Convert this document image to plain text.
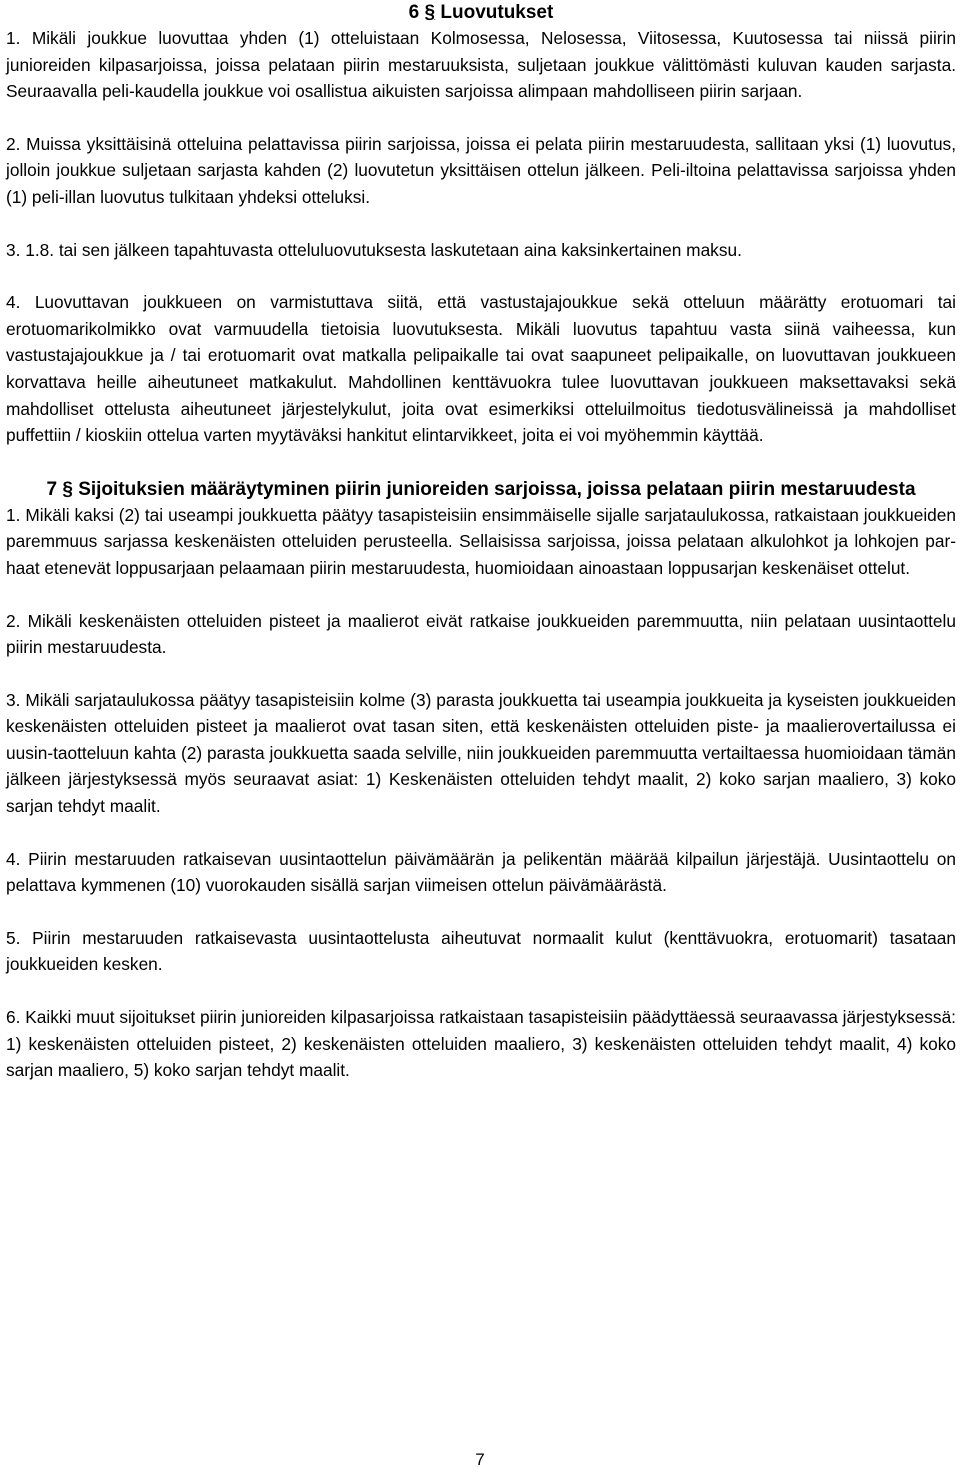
6 § Luovutukset

1. Mikäli joukkue luovuttaa yhden (1) otteluistaan Kolmosessa, Nelosessa, Viitosessa, Kuutosessa tai niissä piirin junioreiden kilpasarjoissa, joissa pelataan piirin mestaruuksista, suljetaan joukkue välittömästi kuluvan kauden sarjasta. Seuraavalla peli-kaudella joukkue voi osallistua aikuisten sarjoissa alimpaan mahdolliseen piirin sarjaan.

2. Muissa yksittäisinä otteluina pelattavissa piirin sarjoissa, joissa ei pelata piirin mestaruudesta, sallitaan yksi (1) luovutus, jolloin joukkue suljetaan sarjasta kahden (2) luovutetun yksittäisen ottelun jälkeen. Peli-iltoina pelattavissa sarjoissa yhden (1) peli-illan luovutus tulkitaan yhdeksi otteluksi.

3. 1.8. tai sen jälkeen tapahtuvasta otteluluovutuksesta laskutetaan aina kaksinkertainen maksu.

4. Luovuttavan joukkueen on varmistuttava siitä, että vastustajajoukkue sekä otteluun määrätty erotuomari tai erotuomarikolmikko ovat varmuudella tietoisia luovutuksesta. Mikäli luovutus tapahtuu vasta siinä vaiheessa, kun vastustajajoukkue ja / tai erotuomarit ovat matkalla pelipaikalle tai ovat saapuneet pelipaikalle, on luovuttavan joukkueen korvattava heille aiheutuneet matkakulut. Mahdollinen kenttävuokra tulee luovuttavan joukkueen maksettavaksi sekä mahdolliset ottelusta aiheutuneet järjestelykulut, joita ovat esimerkiksi otteluilmoitus tiedotusvälineissä ja mahdolliset puffettiin / kioskiin ottelua varten myytäväksi hankitut elintarvikkeet, joita ei voi myöhemmin käyttää.

7 § Sijoituksien määräytyminen piirin junioreiden sarjoissa, joissa pelataan piirin mestaruudesta

1. Mikäli kaksi (2) tai useampi joukkuetta päätyy tasapisteisiin ensimmäiselle sijalle sarjataulukossa, ratkaistaan joukkueiden paremmuus sarjassa keskenäisten otteluiden perusteella. Sellaisissa sarjoissa, joissa pelataan alkulohkot ja lohkojen par-haat etenevät loppusarjaan pelaamaan piirin mestaruudesta, huomioidaan ainoastaan loppusarjan keskenäiset ottelut.

2. Mikäli keskenäisten otteluiden pisteet ja maalierot eivät ratkaise joukkueiden paremmuutta, niin pelataan uusintaottelu piirin mestaruudesta.

3. Mikäli sarjataulukossa päätyy tasapisteisiin kolme (3) parasta joukkuetta tai useampia joukkueita ja kyseisten joukkueiden keskenäisten otteluiden pisteet ja maalierot ovat tasan siten, että keskenäisten otteluiden piste- ja maalierovertailussa ei uusin-taotteluun kahta (2) parasta joukkuetta saada selville, niin joukkueiden paremmuutta vertailtaessa huomioidaan tämän jälkeen järjestyksessä myös seuraavat asiat: 1) Keskenäisten otteluiden tehdyt maalit, 2) koko sarjan maaliero, 3) koko sarjan tehdyt maalit.

4. Piirin mestaruuden ratkaisevan uusintaottelun päivämäärän ja pelikentän määrää kilpailun järjestäjä. Uusintaottelu on pelattava kymmenen (10) vuorokauden sisällä sarjan viimeisen ottelun päivämäärästä.

5. Piirin mestaruuden ratkaisevasta uusintaottelusta aiheutuvat normaalit kulut (kenttävuokra, erotuomarit) tasataan joukkueiden kesken.

6. Kaikki muut sijoitukset piirin junioreiden kilpasarjoissa ratkaistaan tasapisteisiin päädyttäessä seuraavassa järjestyksessä: 1) keskenäisten otteluiden pisteet, 2) keskenäisten otteluiden maaliero, 3) keskenäisten otteluiden tehdyt maalit, 4) koko sarjan maaliero, 5) koko sarjan tehdyt maalit.

7
